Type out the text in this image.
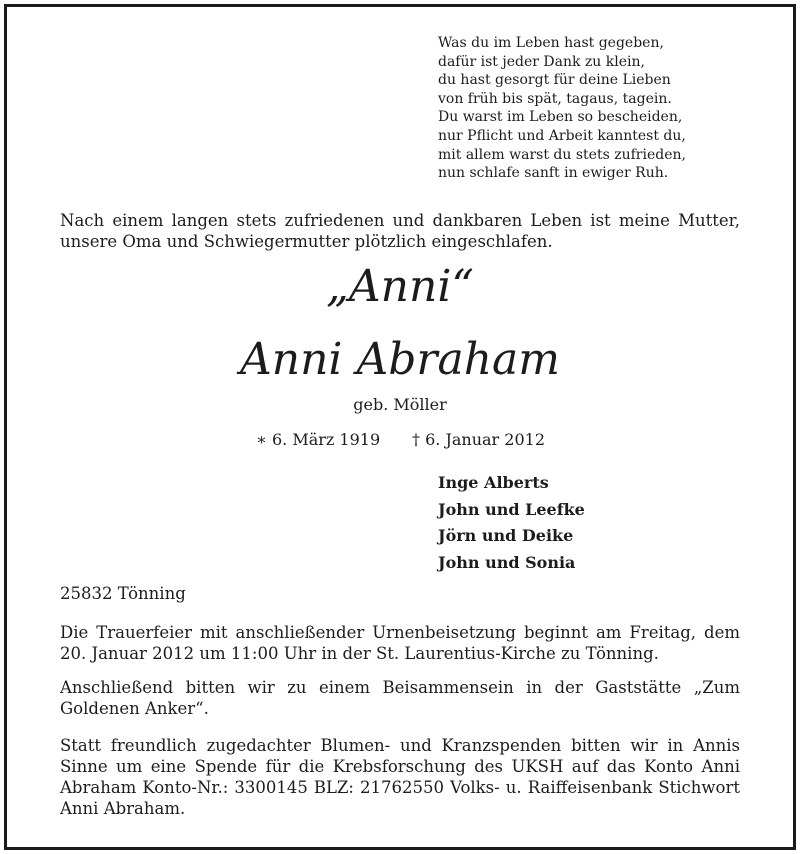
Was du im Leben hast gegeben,
dafür ist jeder Dank zu klein,
du hast gesorgt für deine Lieben
von früh bis spät, tagaus, tagein.
Du warst im Leben so bescheiden,
nur Pflicht und Arbeit kanntest du,
mit allem warst du stets zufrieden,
nun schlafe sanft in ewiger Ruh.
Nach einem langen stets zufriedenen und dankbaren Leben ist meine Mutter, unsere Oma und Schwiegermutter plötzlich eingeschlafen.
„Anni“
Anni Abraham
geb. Möller
∗ 6. März 1919 † 6. Januar 2012
Inge Alberts
John und Leefke
Jörn und Deike
John und Sonia
25832 Tönning
Die Trauerfeier mit anschließender Urnenbeisetzung beginnt am Freitag, dem 20. Januar 2012 um 11:00 Uhr in der St. Laurentius-Kirche zu Tönning.
Anschließend bitten wir zu einem Beisammensein in der Gaststätte „Zum Goldenen Anker“.
Statt freundlich zugedachter Blumen- und Kranzspenden bitten wir in Annis Sinne um eine Spende für die Krebsforschung des UKSH auf das Konto Anni Abraham Konto-Nr.: 3300145 BLZ: 21762550 Volks- u. Raiffeisenbank Stichwort Anni Abraham.
